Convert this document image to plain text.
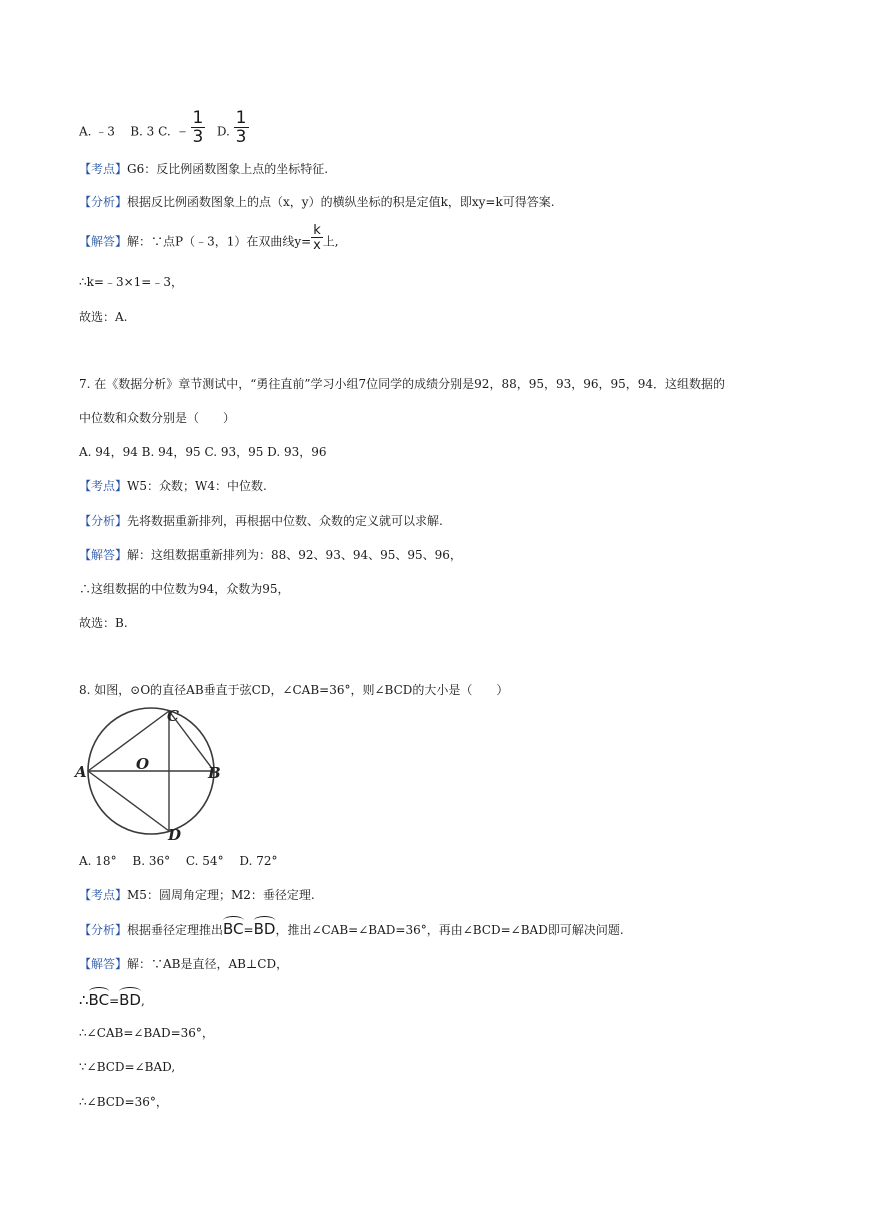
A. ﹣3 B. 3 C. ﹣ $\frac{1}{3} D$. $\frac{1}{3}$
【考点】G6：反比例函数图象上点的坐标特征.
【分析】根据反比例函数图象上的点（x，y）的横纵坐标的积是定值k，即xy=k可得答案.
【解答】解：∵点P（﹣3，1）在双曲线$y= \frac{k}{x}$ 上,
∴k=﹣3×1=﹣3，
故选：A.
7. 在《数据分析》章节测试中，“勇往直前”学习小组7位同学的成绩分别是92，88，95，93，96，95，94．这组数据的
中位数和众数分别是（　　）
A. 94，94 B. 94，95 C. 93，95 D. 93，96
【考点】W5：众数；W4：中位数.
【分析】先将数据重新排列，再根据中位数、众数的定义就可以求解.
【解答】解：这组数据重新排列为：88、92、93、94、95、95、96，
∴这组数据的中位数为94，众数为95，
故选：B.
8. 如图，⊙O的直径AB垂直于弦CD，∠CAB=36°，则∠BCD的大小是（　　）
A	B
C
D
O
A. 18°　 B. 36°　 C. 54°　 D. 72°
【考点】M5：圆周角定理；M2：垂径定理.
【分析】根据垂径定理推出BC=BD，推出∠CAB=∠BAD=36°，再由∠BCD=∠BAD即可解决问题.
【解答】解：∵AB是直径，AB⊥CD，
∴BC=BD,
∴∠CAB=∠BAD=36°，
∵∠BCD=∠BAD,
∴∠BCD=36°，
